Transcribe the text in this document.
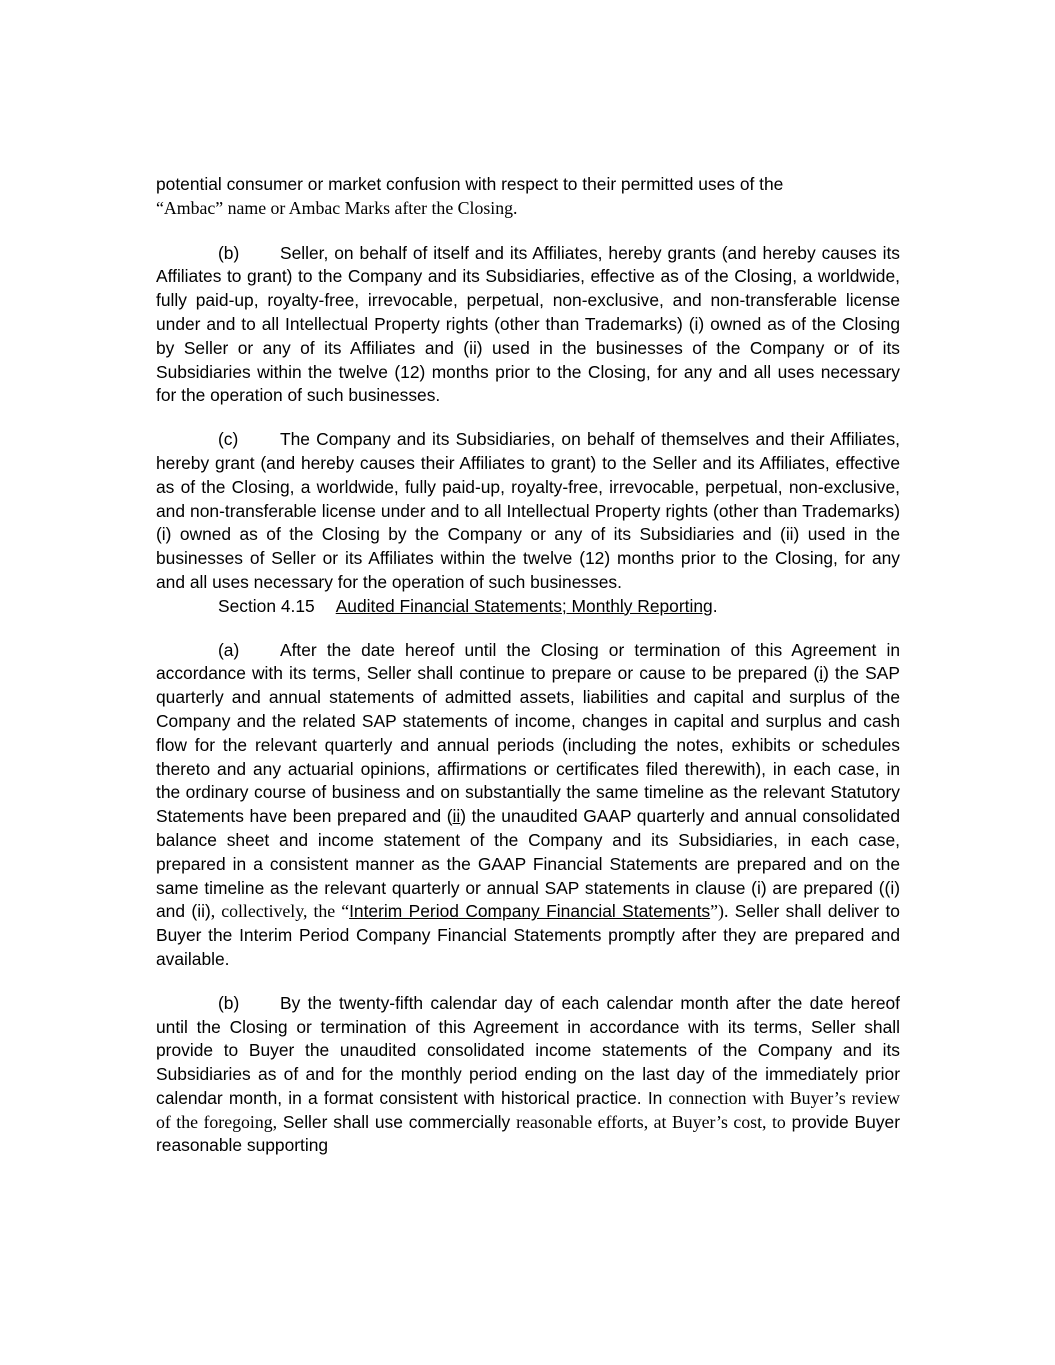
potential consumer or market confusion with respect to their permitted uses of the
“Ambac” name or Ambac Marks after the Closing.

(b) Seller, on behalf of itself and its Affiliates, hereby grants (and hereby causes its Affiliates to grant) to the Company and its Subsidiaries, effective as of the Closing, a worldwide, fully paid-up, royalty-free, irrevocable, perpetual, non-exclusive, and non-transferable license under and to all Intellectual Property rights (other than Trademarks) (i) owned as of the Closing by Seller or any of its Affiliates and (ii) used in the businesses of the Company or of its Subsidiaries within the twelve (12) months prior to the Closing, for any and all uses necessary for the operation of such businesses.

(c) The Company and its Subsidiaries, on behalf of themselves and their Affiliates, hereby grant (and hereby causes their Affiliates to grant) to the Seller and its Affiliates, effective as of the Closing, a worldwide, fully paid-up, royalty-free, irrevocable, perpetual, non-exclusive, and non-transferable license under and to all Intellectual Property rights (other than Trademarks) (i) owned as of the Closing by the Company or any of its Subsidiaries and (ii) used in the businesses of Seller or its Affiliates within the twelve (12) months prior to the Closing, for any and all uses necessary for the operation of such businesses.

Section 4.15 Audited Financial Statements; Monthly Reporting.

(a) After the date hereof until the Closing or termination of this Agreement in accordance with its terms, Seller shall continue to prepare or cause to be prepared (i) the SAP quarterly and annual statements of admitted assets, liabilities and capital and surplus of the Company and the related SAP statements of income, changes in capital and surplus and cash flow for the relevant quarterly and annual periods (including the notes, exhibits or schedules thereto and any actuarial opinions, affirmations or certificates filed therewith), in each case, in the ordinary course of business and on substantially the same timeline as the relevant Statutory Statements have been prepared and (ii) the unaudited GAAP quarterly and annual consolidated balance sheet and income statement of the Company and its Subsidiaries, in each case, prepared in a consistent manner as the GAAP Financial Statements are prepared and on the same timeline as the relevant quarterly or annual SAP statements in clause (i) are prepared ((i) and (ii), collectively, the “Interim Period Company Financial Statements”). Seller shall deliver to Buyer the Interim Period Company Financial Statements promptly after they are prepared and available.

(b) By the twenty-fifth calendar day of each calendar month after the date hereof until the Closing or termination of this Agreement in accordance with its terms, Seller shall provide to Buyer the unaudited consolidated income statements of the Company and its Subsidiaries as of and for the monthly period ending on the last day of the immediately prior calendar month, in a format consistent with historical practice. In connection with Buyer’s review of the foregoing, Seller shall use commercially reasonable efforts, at Buyer’s cost, to provide Buyer reasonable supporting
